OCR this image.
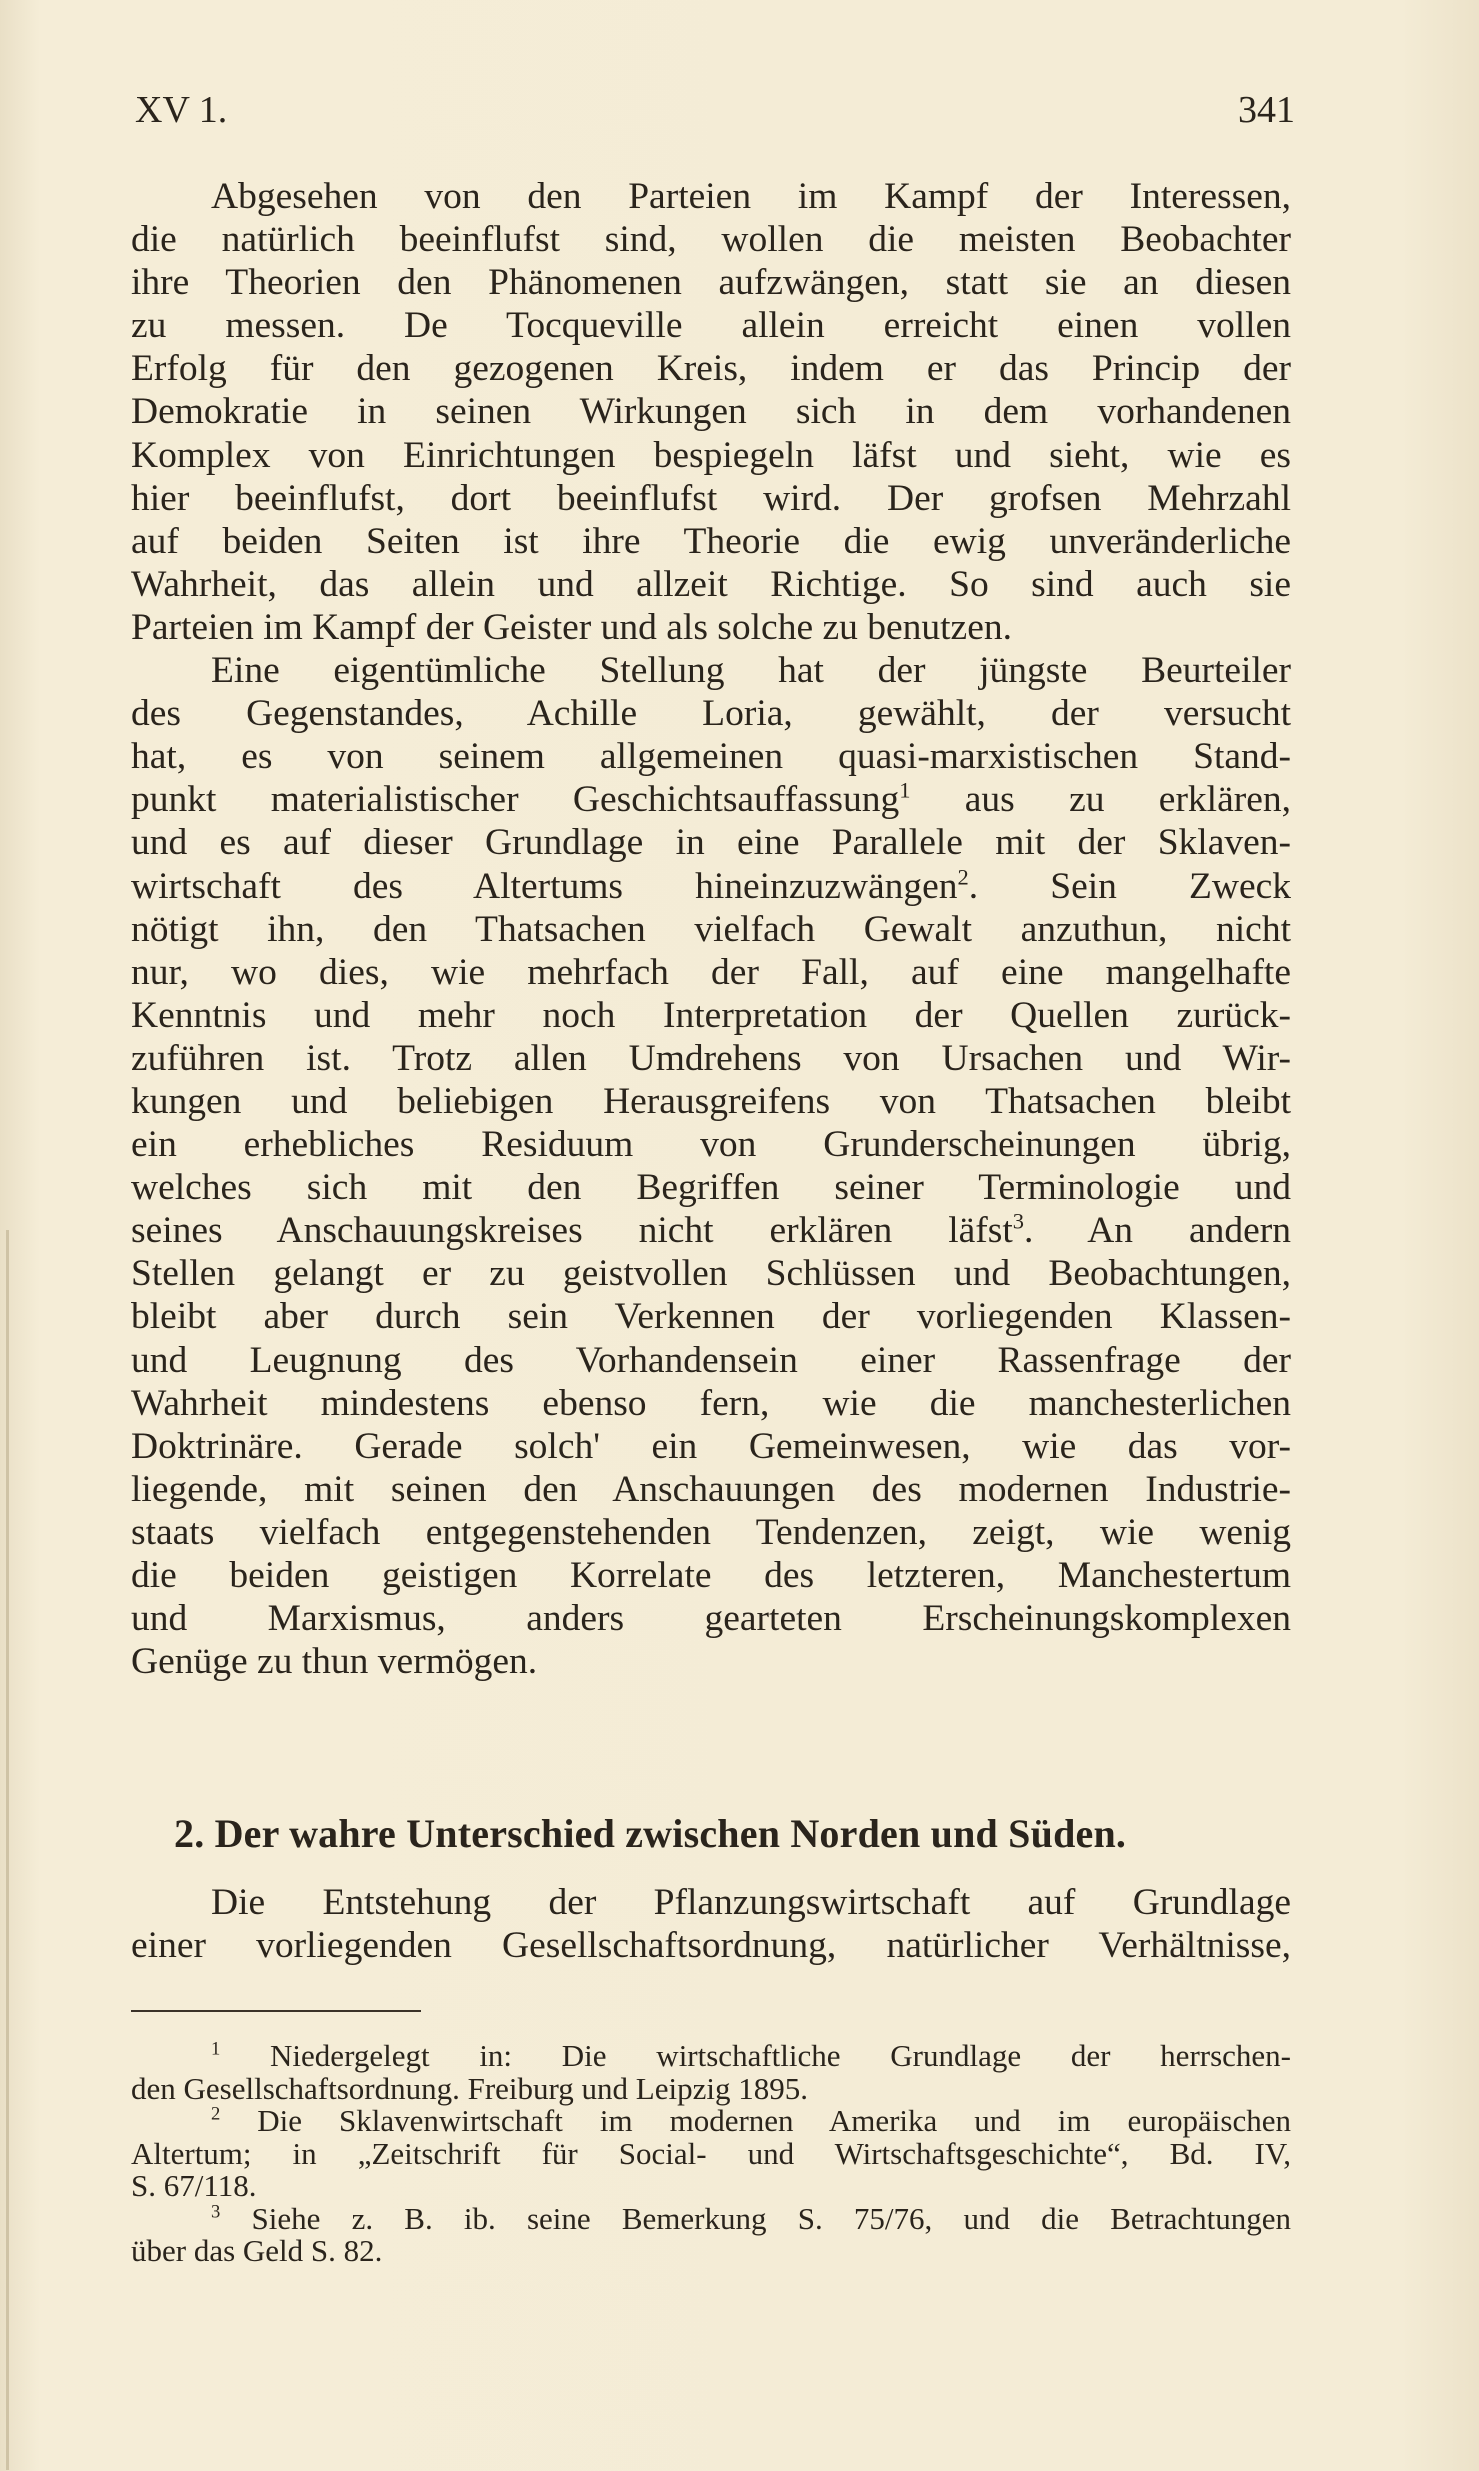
XV 1.	341
Abgesehen von den Parteien im Kampf der Interessen,
die natürlich beeinflufst sind, wollen die meisten Beobachter
ihre Theorien den Phänomenen aufzwängen, statt sie an diesen
zu messen. De Tocqueville allein erreicht einen vollen
Erfolg für den gezogenen Kreis, indem er das Princip der
Demokratie in seinen Wirkungen sich in dem vorhandenen
Komplex von Einrichtungen bespiegeln läfst und sieht, wie es
hier beeinflufst, dort beeinflufst wird. Der grofsen Mehrzahl
auf beiden Seiten ist ihre Theorie die ewig unveränderliche
Wahrheit, das allein und allzeit Richtige. So sind auch sie
Parteien im Kampf der Geister und als solche zu benutzen.
Eine eigentümliche Stellung hat der jüngste Beurteiler
des Gegenstandes, Achille Loria, gewählt, der versucht
hat, es von seinem allgemeinen quasi-marxistischen Stand-
punkt materialistischer Geschichtsauffassung$^1$ aus zu erklären,
und es auf dieser Grundlage in eine Parallele mit der Sklaven-
wirtschaft des Altertums hineinzuzwängen$^2$. Sein Zweck
nötigt ihn, den Thatsachen vielfach Gewalt anzuthun, nicht
nur, wo dies, wie mehrfach der Fall, auf eine mangelhafte
Kenntnis und mehr noch Interpretation der Quellen zurück-
zuführen ist. Trotz allen Umdrehens von Ursachen und Wir-
kungen und beliebigen Herausgreifens von Thatsachen bleibt
ein erhebliches Residuum von Grunderscheinungen übrig,
welches sich mit den Begriffen seiner Terminologie und
seines Anschauungskreises nicht erklären läfst$^3$. An andern
Stellen gelangt er zu geistvollen Schlüssen und Beobachtungen,
bleibt aber durch sein Verkennen der vorliegenden Klassen-
und Leugnung des Vorhandensein einer Rassenfrage der
Wahrheit mindestens ebenso fern, wie die manchesterlichen
Doktrinäre. Gerade solch' ein Gemeinwesen, wie das vor-
liegende, mit seinen den Anschauungen des modernen Industrie-
staats vielfach entgegenstehenden Tendenzen, zeigt, wie wenig
die beiden geistigen Korrelate des letzteren, Manchestertum
und Marxismus, anders gearteten Erscheinungskomplexen
Genüge zu thun vermögen.
2. Der wahre Unterschied zwischen Norden und Süden.
Die Entstehung der Pflanzungswirtschaft auf Grundlage
einer vorliegenden Gesellschaftsordnung, natürlicher Verhältnisse,
$^1$ Niedergelegt in: Die wirtschaftliche Grundlage der herrschen-
den Gesellschaftsordnung. Freiburg und Leipzig 1895.
$^2$ Die Sklavenwirtschaft im modernen Amerika und im europäischen
Altertum; in „Zeitschrift für Social- und Wirtschaftsgeschichte“, Bd. IV,
S. 67/118.
$^3$ Siehe z. B. ib. seine Bemerkung S. 75/76, und die Betrachtungen
über das Geld S. 82.
